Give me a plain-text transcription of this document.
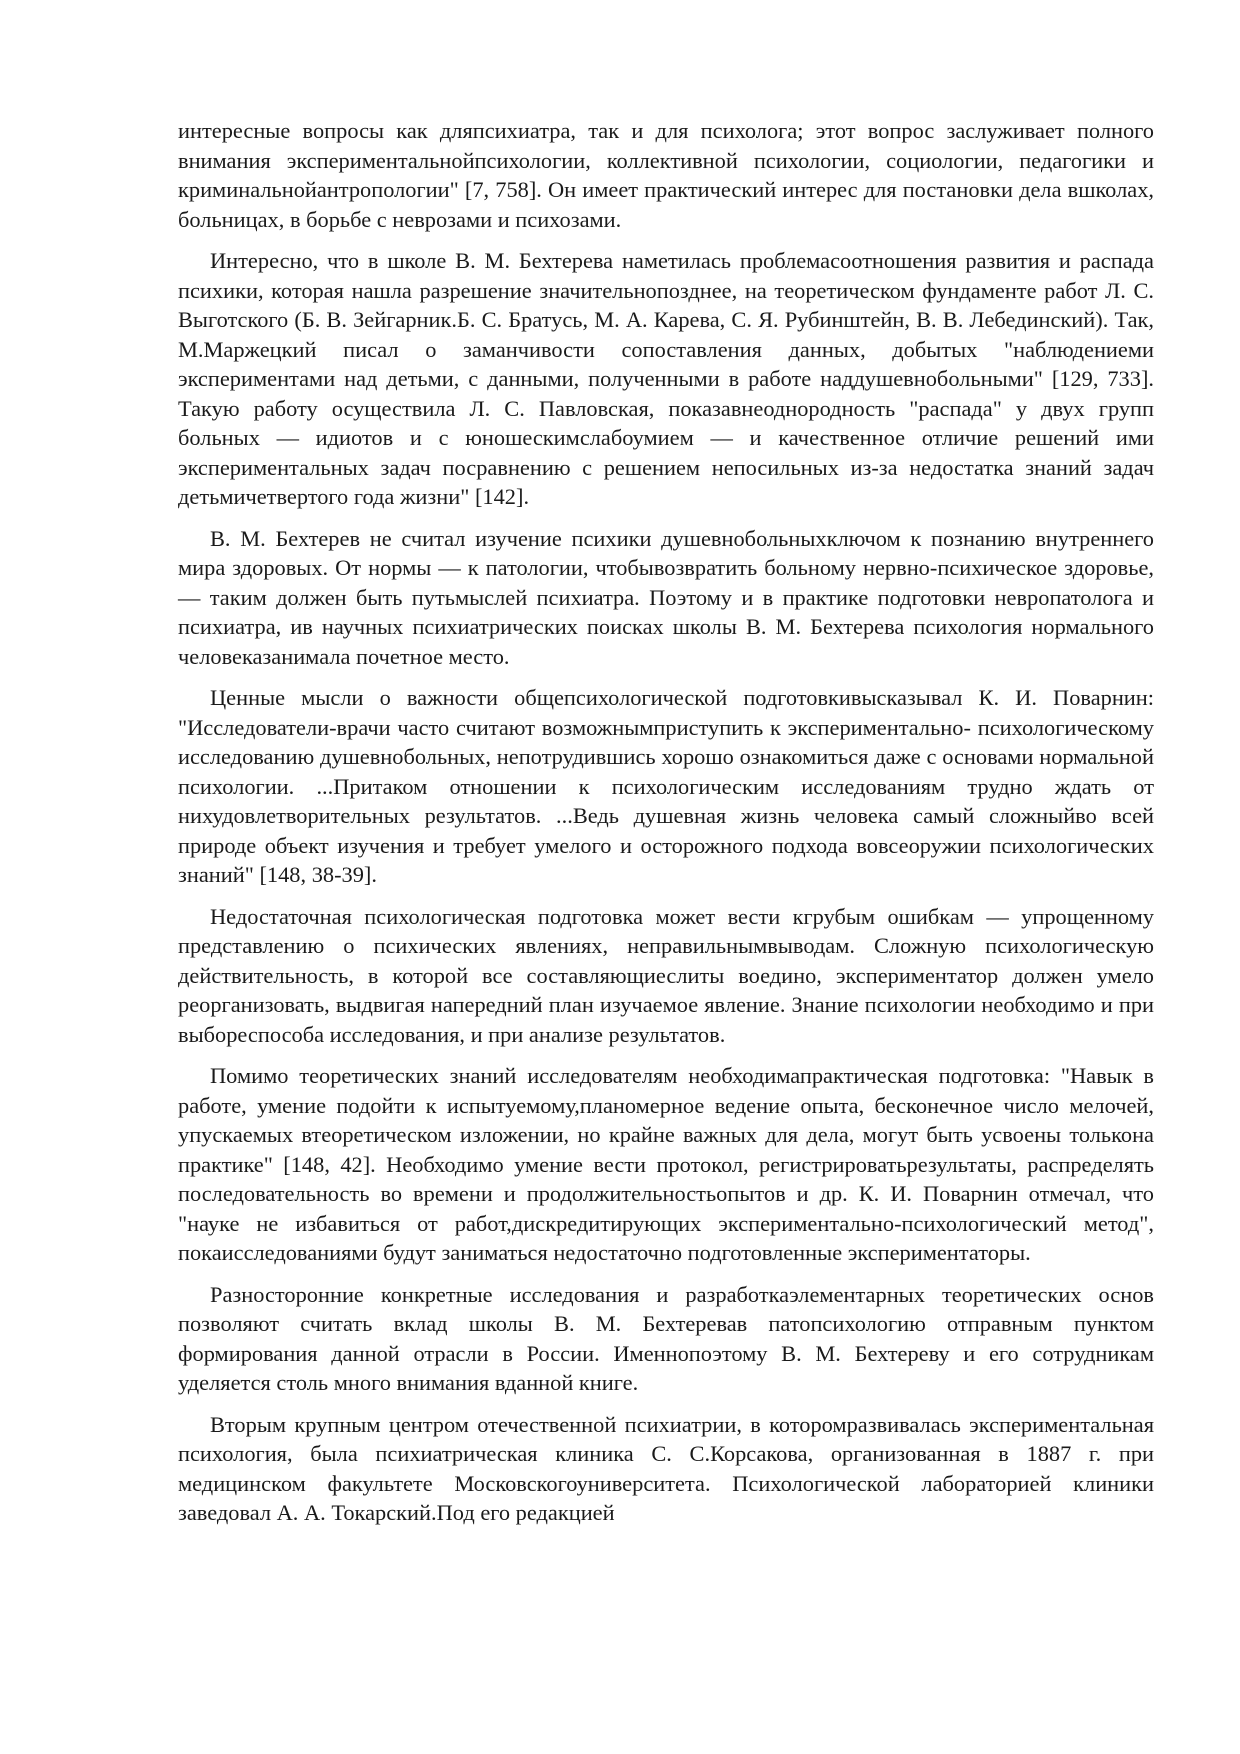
интересные вопросы как дляпсихиатра, так и для психолога; этот вопрос заслуживает полного внимания экспериментальнойпсихологии, коллективной психологии, социологии, педагогики и криминальнойантропологии" [7, 758]. Он имеет практический интерес для постановки дела вшколах, больницах, в борьбе с неврозами и психозами.

Интересно, что в школе В. М. Бехтерева наметилась проблемасоотношения развития и распада психики, которая нашла разрешение значительнопозднее, на теоретическом фундаменте работ Л. С. Выготского (Б. В. Зейгарник.Б. С. Братусь, М. А. Карева, С. Я. Рубинштейн, В. В. Лебединский). Так, М.Маржецкий писал о заманчивости сопоставления данных, добытых "наблюдениеми экспериментами над детьми, с данными, полученными в работе наддушевнобольными" [129, 733]. Такую работу осуществила Л. С. Павловская, показавнеоднородность "распада" у двух групп больных — идиотов и с юношескимслабоумием — и качественное отличие решений ими экспериментальных задач посравнению с решением непосильных из-за недостатка знаний задач детьмичетвертого года жизни" [142].

В. М. Бехтерев не считал изучение психики душевнобольныхключом к познанию внутреннего мира здоровых. От нормы — к патологии, чтобывозвратить больному нервно-психическое здоровье, — таким должен быть путьмыслей психиатра. Поэтому и в практике подготовки невропатолога и психиатра, ив научных психиатрических поисках школы В. М. Бехтерева психология нормального человеказанимала почетное место.

Ценные мысли о важности общепсихологической подготовкивысказывал К. И. Поварнин: "Исследователи-врачи часто считают возможнымприступить к экспериментально- психологическому исследованию душевнобольных, непотрудившись хорошо ознакомиться даже с основами нормальной психологии. ...Притаком отношении к психологическим исследованиям трудно ждать от нихудовлетворительных результатов. ...Ведь душевная жизнь человека самый сложныйво всей природе объект изучения и требует умелого и осторожного подхода вовсеоружии психологических знаний" [148, 38-39].

Недостаточная психологическая подготовка может вести кгрубым ошибкам — упрощенному представлению о психических явлениях, неправильнымвыводам. Сложную психологическую действительность, в которой все составляющиеслиты воедино, экспериментатор должен умело реорганизовать, выдвигая напередний план изучаемое явление. Знание психологии необходимо и при выбореспособа исследования, и при анализе результатов.

Помимо теоретических знаний исследователям необходимапрактическая подготовка: "Навык в работе, умение подойти к испытуемому,планомерное ведение опыта, бесконечное число мелочей, упускаемых втеоретическом изложении, но крайне важных для дела, могут быть усвоены толькона практике" [148, 42]. Необходимо умение вести протокол, регистрироватьрезультаты, распределять последовательность во времени и продолжительностьопытов и др. К. И. Поварнин отмечал, что "науке не избавиться от работ,дискредитирующих экспериментально-психологический метод", покаисследованиями будут заниматься недостаточно подготовленные экспериментаторы.

Разносторонние конкретные исследования и разработкаэлементарных теоретических основ позволяют считать вклад школы В. М. Бехтеревав патопсихологию отправным пунктом формирования данной отрасли в России. Именнопоэтому В. М. Бехтереву и его сотрудникам уделяется столь много внимания вданной книге.

Вторым крупным центром отечественной психиатрии, в которомразвивалась экспериментальная психология, была психиатрическая клиника С. С.Корсакова, организованная в 1887 г. при медицинском факультете Московскогоуниверситета. Психологической лабораторией клиники заведовал А. А. Токарский.Под его редакцией
